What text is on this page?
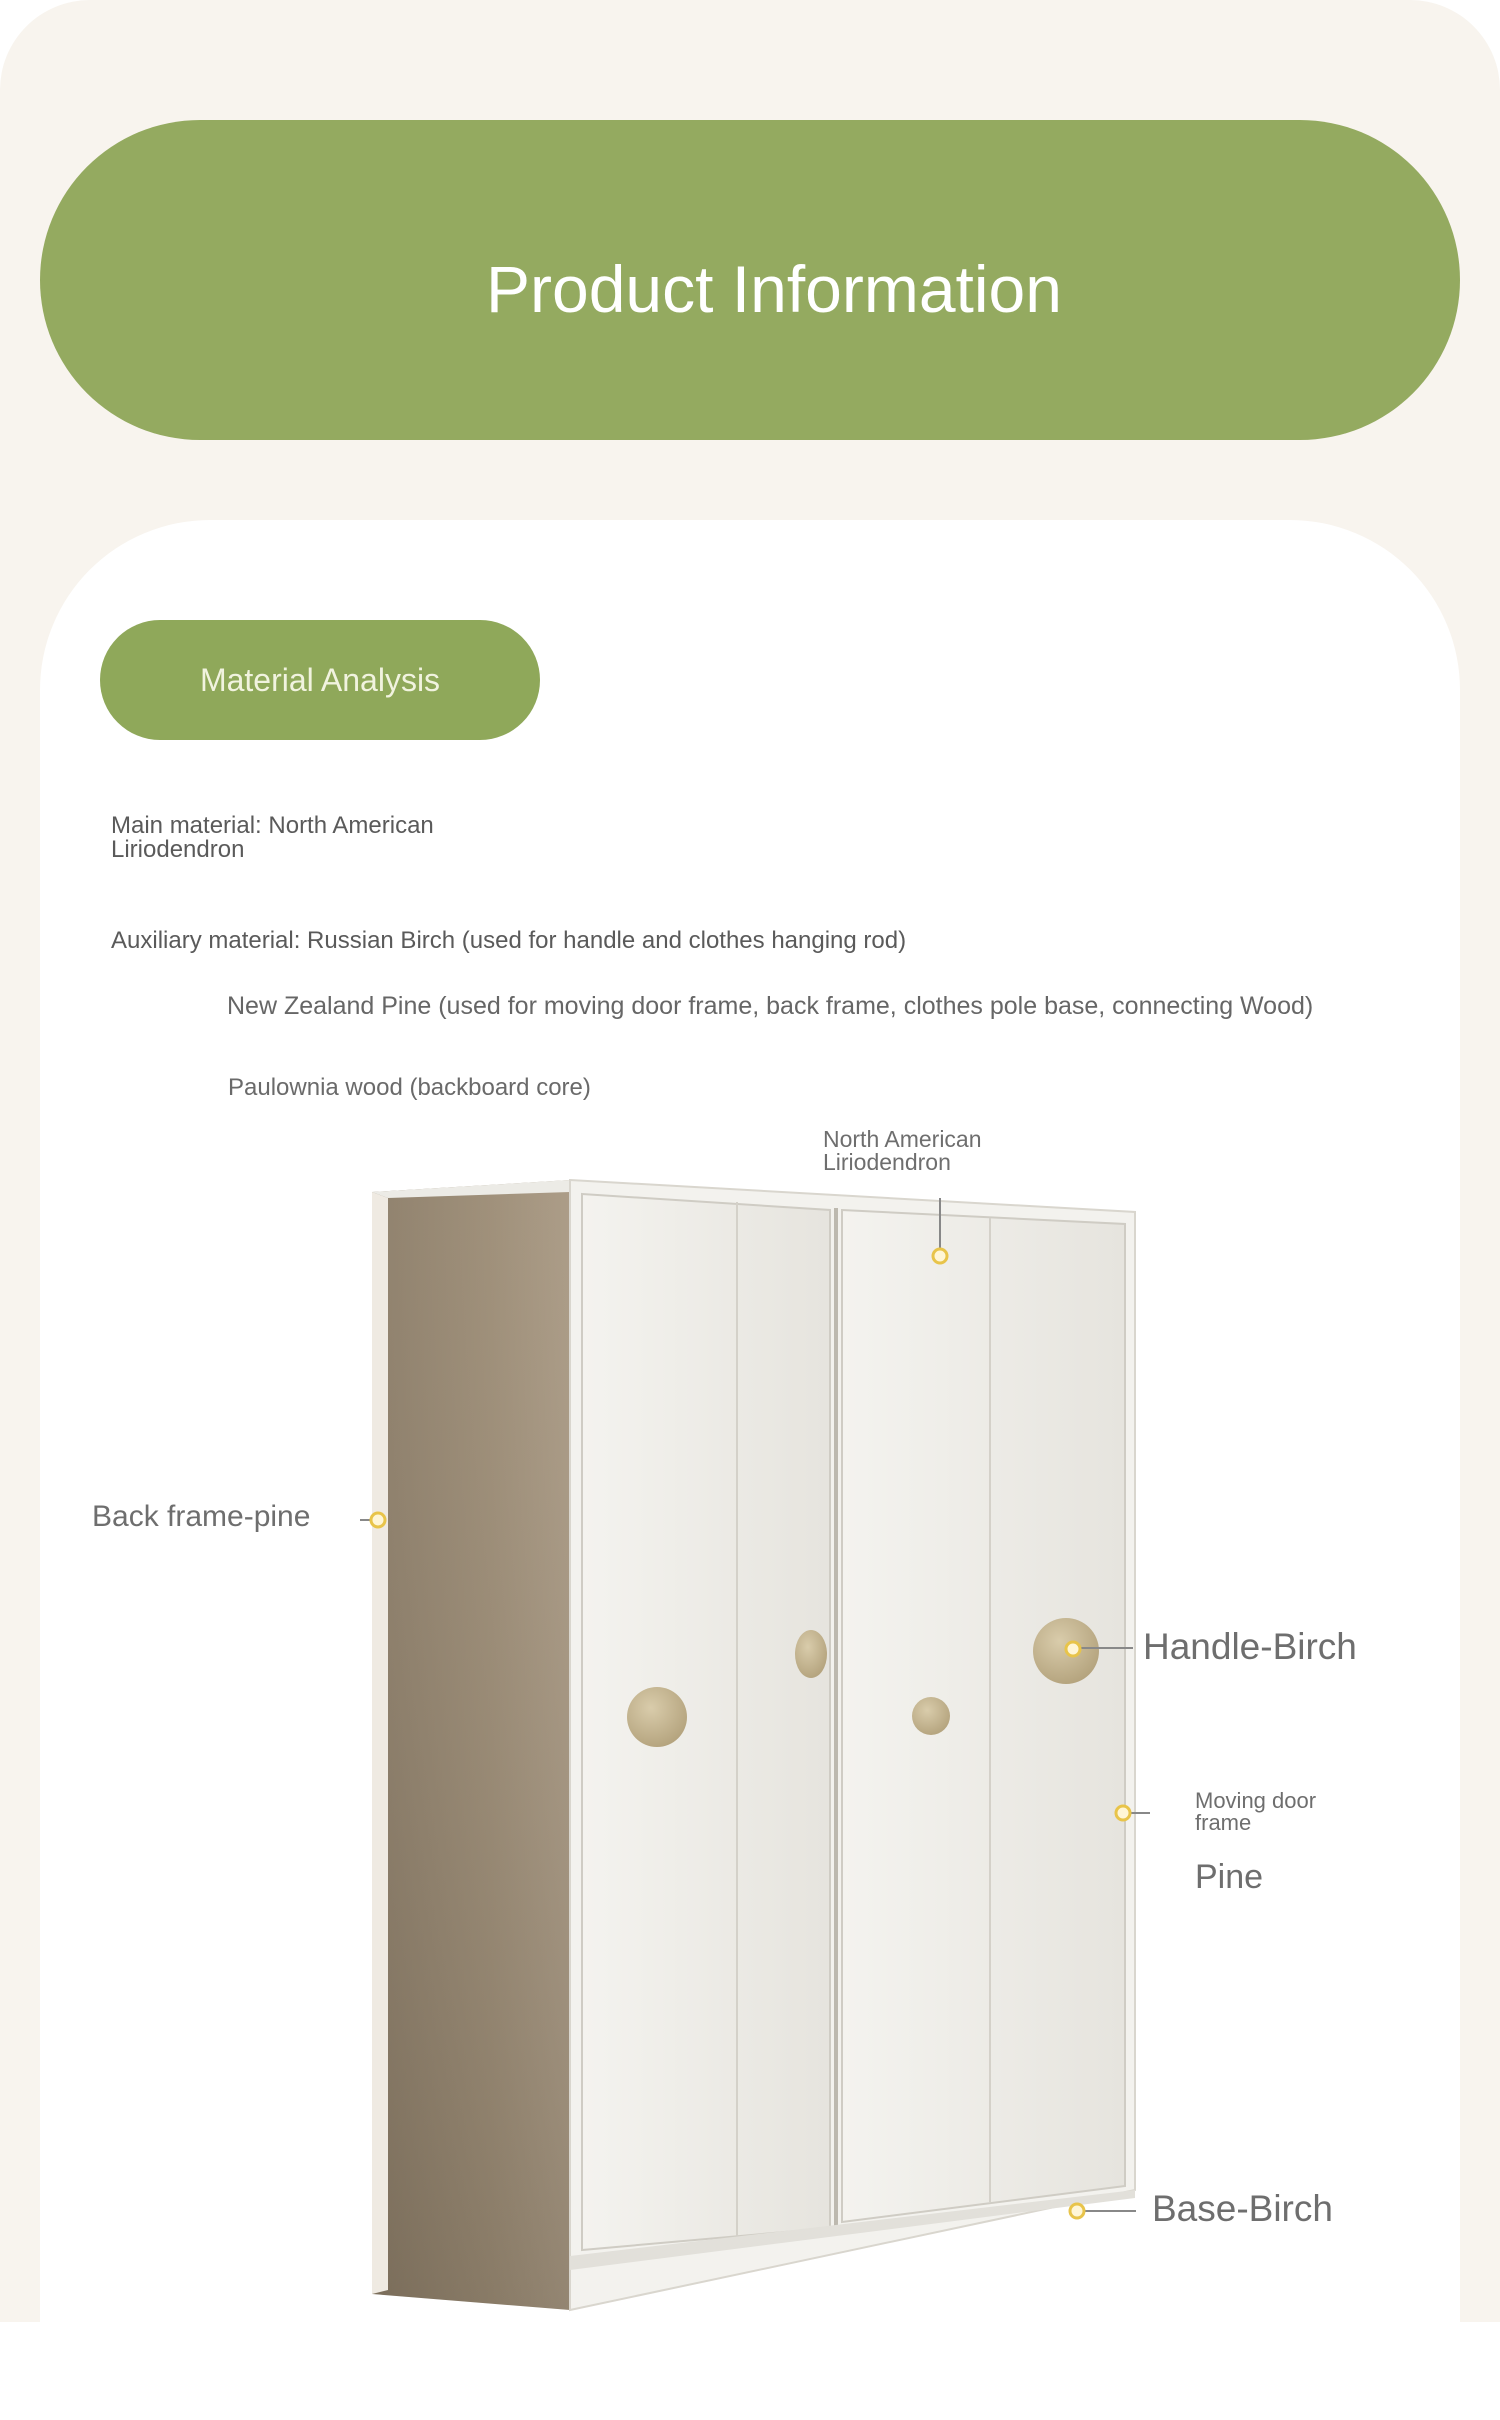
Product Information
Material Analysis

Main material: North American Liriodendron

Auxiliary material: Russian Birch (used for handle and clothes hanging rod)

New Zealand Pine (used for moving door frame, back frame, clothes pole base, connecting Wood)

Paulownia wood (backboard core)

North American Liriodendron

Back frame-pine

Handle-Birch

Moving door frame

Pine

Base-Birch
